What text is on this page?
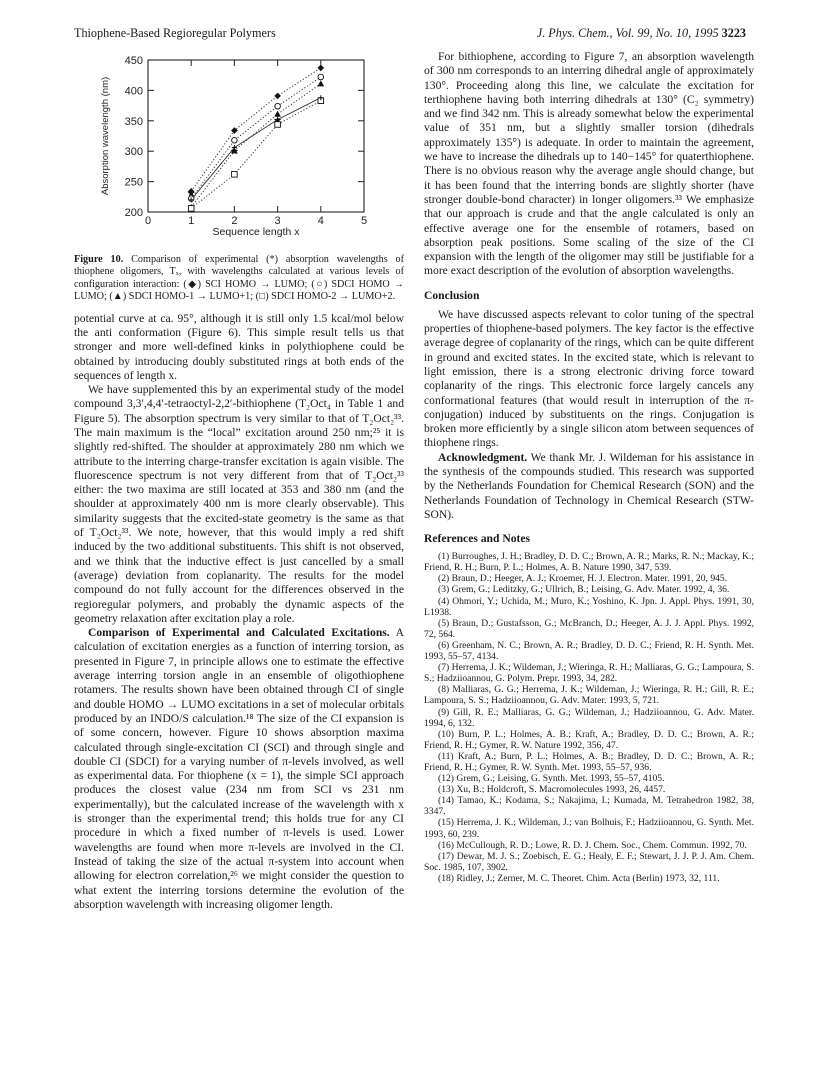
Thiophene-Based Regioregular Polymers	J. Phys. Chem., Vol. 99, No. 10, 1995 3223
0	1	2	3	4	5
200
250
300
350
400
450
Sequence length x
Absorption wavelength (nm)
Figure 10. Comparison of experimental (*) absorption wavelengths of thiophene oligomers, Tₓ, with wavelengths calculated at various levels of configuration interaction: (◆) SCI HOMO → LUMO; (○) SDCI HOMO → LUMO; (▲) SDCI HOMO-1 → LUMO+1; (□) SDCI HOMO-2 → LUMO+2.

potential curve at ca. 95°, although it is still only 1.5 kcal/mol below the anti conformation (Figure 6). This simple result tells us that stronger and more well-defined kinks in polythiophene could be obtained by introducing doubly substituted rings at both ends of the sequences of length x.

We have supplemented this by an experimental study of the model compound 3,3′,4,4′-tetraoctyl-2,2′-bithiophene (T₂Oct₄ in Table 1 and Figure 5). The absorption spectrum is very similar to that of T₂Oct₂³³. The main maximum is the “local” excitation around 250 nm;²⁵ it is slightly red-shifted. The shoulder at approximately 280 nm which we attribute to the interring charge-transfer excitation is again visible. The fluorescence spectrum is not very different from that of T₂Oct₂³³ either: the two maxima are still located at 353 and 380 nm (and the shoulder at approximately 400 nm is more clearly observable). This similarity suggests that the excited-state geometry is the same as that of T₂Oct₂³³. We note, however, that this would imply a red shift induced by the two additional substituents. This shift is not observed, and we think that the inductive effect is just cancelled by a small (average) deviation from coplanarity. The results for the model compound do not fully account for the differences observed in the regioregular polymers, and probably the dynamic aspects of the geometry relaxation after excitation play a role.

Comparison of Experimental and Calculated Excitations. A calculation of excitation energies as a function of interring torsion, as presented in Figure 7, in principle allows one to estimate the effective average interring torsion angle in an ensemble of oligothiophene rotamers. The results shown have been obtained through CI of single and double HOMO → LUMO excitations in a set of molecular orbitals produced by an INDO/S calculation.¹⁸ The size of the CI expansion is of some concern, however. Figure 10 shows absorption maxima calculated through single-excitation CI (SCI) and through single and double CI (SDCI) for a varying number of π-levels involved, as well as experimental data. For thiophene (x = 1), the simple SCI approach produces the closest value (234 nm from SCI vs 231 nm experimentally), but the calculated increase of the wavelength with x is stronger than the experimental trend; this holds true for any CI procedure in which a fixed number of π-levels is used. Lower wavelengths are found when more π-levels are involved in the CI. Instead of taking the size of the actual π-system into account when allowing for electron correlation,²⁶ we might consider the question to what extent the interring torsions determine the evolution of the absorption wavelength with increasing oligomer length.

For bithiophene, according to Figure 7, an absorption wavelength of 300 nm corresponds to an interring dihedral angle of approximately 130°. Proceeding along this line, we calculate the excitation for terthiophene having both interring dihedrals at 130° (C₂ symmetry) and we find 342 nm. This is already somewhat below the experimental value of 351 nm, but a slightly smaller torsion (dihedrals approximately 135°) is adequate. In order to maintain the agreement, we have to increase the dihedrals up to 140−145° for quaterthiophene. There is no obvious reason why the average angle should change, but it has been found that the interring bonds are slightly shorter (have stronger double-bond character) in longer oligomers.³³ We emphasize that our approach is crude and that the angle calculated is only an effective average one for the ensemble of rotamers, based on absorption peak positions. Some scaling of the size of the CI expansion with the length of the oligomer may still be justifiable for a more exact description of the evolution of absorption wavelengths.

Conclusion

We have discussed aspects relevant to color tuning of the spectral properties of thiophene-based polymers. The key factor is the effective average degree of coplanarity of the rings, which can be quite different in ground and excited states. In the excited state, which is relevant to light emission, there is a strong electronic driving force toward coplanarity of the rings. This electronic force largely cancels any conformational features (that would result in interruption of the π-conjugation) induced by substituents on the rings. Conjugation is broken more efficiently by a single silicon atom between sequences of thiophene rings.

Acknowledgment. We thank Mr. J. Wildeman for his assistance in the synthesis of the compounds studied. This research was supported by the Netherlands Foundation for Chemical Research (SON) and the Netherlands Foundation of Technology in Chemical Research (STW-SON).

References and Notes

(1) Burroughes, J. H.; Bradley, D. D. C.; Brown, A. R.; Marks, R. N.; Mackay, K.; Friend, R. H.; Burn, P. L.; Holmes, A. B. Nature 1990, 347, 539.

(2) Braun, D.; Heeger, A. J.; Kroemer, H. J. Electron. Mater. 1991, 20, 945.

(3) Grem, G.; Leditzky, G.; Ullrich, B.; Leising, G. Adv. Mater. 1992, 4, 36.

(4) Ohmori, Y.; Uchida, M.; Muro, K.; Yoshino, K. Jpn. J. Appl. Phys. 1991, 30, L1938.

(5) Braun, D.; Gustafsson, G.; McBranch, D.; Heeger, A. J. J. Appl. Phys. 1992, 72, 564.

(6) Greenham, N. C.; Brown, A. R.; Bradley, D. D. C.; Friend, R. H. Synth. Met. 1993, 55–57, 4134.

(7) Herrema, J. K.; Wildeman, J.; Wieringa, R. H.; Malliaras, G. G.; Lampoura, S. S.; Hadziioannou, G. Polym. Prepr. 1993, 34, 282.

(8) Malliaras, G. G.; Herrema, J. K.; Wildeman, J.; Wieringa, R. H.; Gill, R. E.; Lampoura, S. S.; Hadziioannou, G. Adv. Mater. 1993, 5, 721.

(9) Gill, R. E.; Malliaras, G. G.; Wildeman, J.; Hadziioannou, G. Adv. Mater. 1994, 6, 132.

(10) Burn, P. L.; Holmes, A. B.; Kraft, A.; Bradley, D. D. C.; Brown, A. R.; Friend, R. H.; Gymer, R. W. Nature 1992, 356, 47.

(11) Kraft, A.; Burn, P. L.; Holmes, A. B.; Bradley, D. D. C.; Brown, A. R.; Friend, R. H.; Gymer, R. W. Synth. Met. 1993, 55–57, 936.

(12) Grem, G.; Leising, G. Synth. Met. 1993, 55–57, 4105.

(13) Xu, B.; Holdcroft, S. Macromolecules 1993, 26, 4457.

(14) Tamao, K.; Kodama, S.; Nakajima, I.; Kumada, M. Tetrahedron 1982, 38, 3347.

(15) Herrema, J. K.; Wildeman, J.; van Bolhuis, F.; Hadziioannou, G. Synth. Met. 1993, 60, 239.

(16) McCullough, R. D.; Lowe, R. D. J. Chem. Soc., Chem. Commun. 1992, 70.

(17) Dewar, M. J. S.; Zoebisch, E. G.; Healy, E. F.; Stewart, J. J. P. J. Am. Chem. Soc. 1985, 107, 3902.

(18) Ridley, J.; Zerner, M. C. Theoret. Chim. Acta (Berlin) 1973, 32, 111.
